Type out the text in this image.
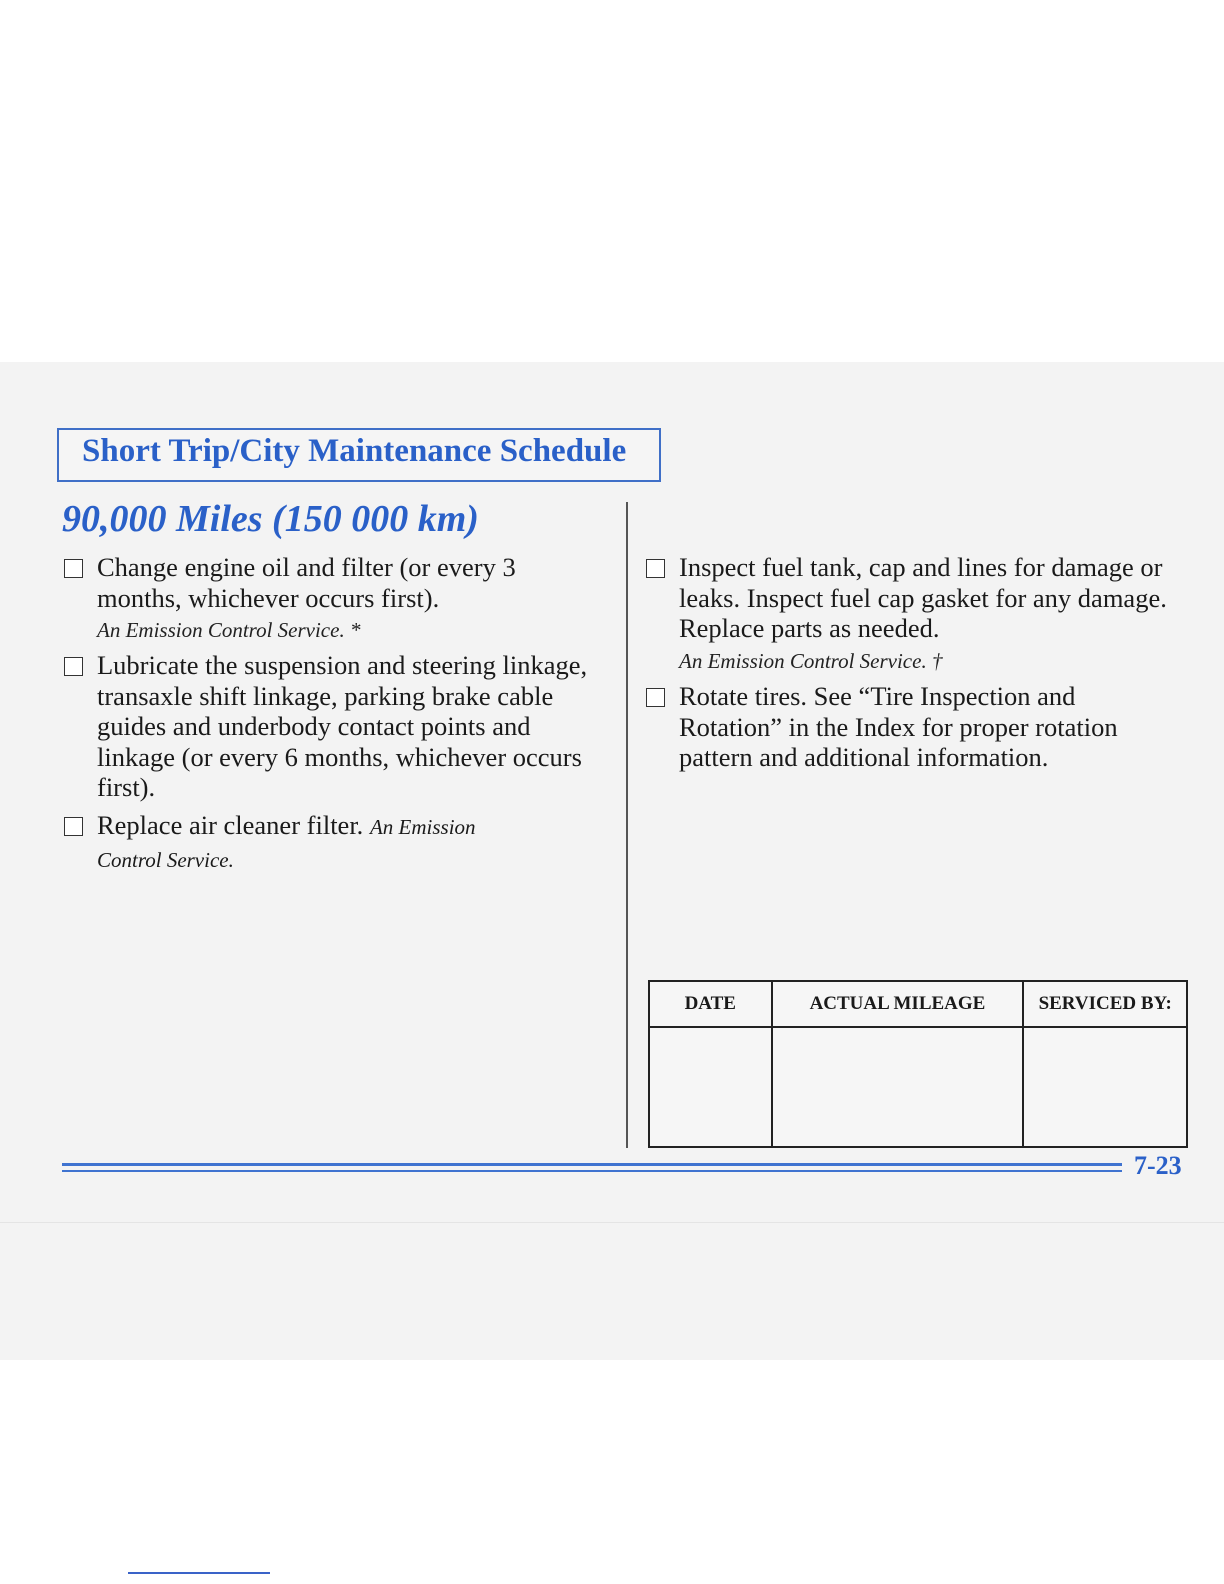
Short Trip/City Maintenance Schedule
90,000 Miles (150 000 km)
Change engine oil and filter (or every 3 months, whichever occurs first).
An Emission Control Service. *
Lubricate the suspension and steering linkage, transaxle shift linkage, parking brake cable guides and underbody contact points and linkage (or every 6 months, whichever occurs first).
Replace air cleaner filter. An Emission Control Service.
Inspect fuel tank, cap and lines for damage or leaks. Inspect fuel cap gasket for any damage. Replace parts as needed.
An Emission Control Service. †
Rotate tires. See “Tire Inspection and Rotation” in the Index for proper rotation pattern and additional information.
DATE	ACTUAL MILEAGE	SERVICED BY:

7-23
